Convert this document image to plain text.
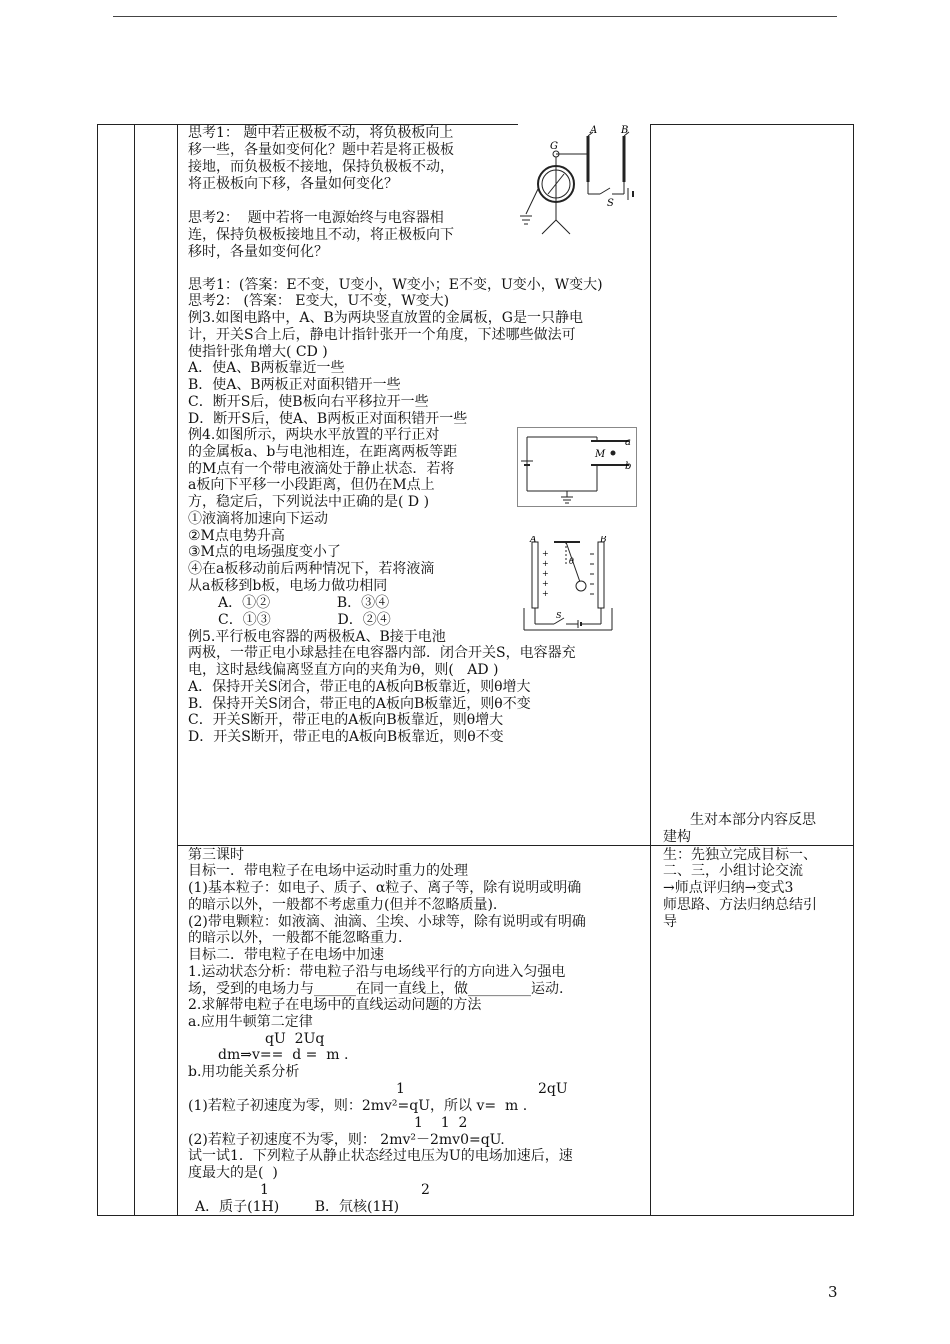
思考1： 题中若正极板不动，将负极板向上
移一些，各量如变何化？题中若是将正极板
接地，而负极板不接地，保持负极板不动，
将正极板向下移，各量如何变化？
思考2：  题中若将一电源始终与电容器相
连，保持负极板接地且不动，将正极板向下
移时，各量如变何化？
思考1：(答案：E不变，U变小，W变小；E不变，U变小，W变大)
思考2： (答案： E变大，U不变，W变大)
例3.如图电路中，A、B为两块竖直放置的金属板，G是一只静电
计，开关S合上后，静电计指针张开一个角度，下述哪些做法可
使指针张角增大( CD )
A．使A、B两板靠近一些
B．使A、B两板正对面积错开一些
C．断开S后，使B板向右平移拉开一些
D．断开S后，使A、B两板正对面积错开一些
例4.如图所示，两块水平放置的平行正对
的金属板a、b与电池相连，在距离两板等距
的M点有一个带电液滴处于静止状态．若将
a板向下平移一小段距离，但仍在M点上
方，稳定后，下列说法中正确的是( D )
①液滴将加速向下运动
②M点电势升高
③M点的电场强度变小了
④在a板移动前后两种情况下，若将液滴
从a板移到b板，电场力做功相同
A．①②               B．③④
C．①③               D．②④
例5.平行板电容器的两极板A、B接于电池
两极，一带正电小球悬挂在电容器内部．闭合开关S，电容器充
电，这时悬线偏离竖直方向的夹角为θ，则(   AD )
A．保持开关S闭合，带正电的A板向B板靠近，则θ增大
B．保持开关S闭合，带正电的A板向B板靠近，则θ不变
C．开关S断开，带正电的A板向B板靠近，则θ增大
D．开关S断开，带正电的A板向B板靠近，则θ不变
第三课时
目标一．带电粒子在电场中运动时重力的处理
(1)基本粒子：如电子、质子、α粒子、离子等，除有说明或明确
的暗示以外，一般都不考虑重力(但并不忽略质量).
(2)带电颗粒：如液滴、油滴、尘埃、小球等，除有说明或有明确
的暗示以外，一般都不能忽略重力.
目标二．带电粒子在电场中加速
1.运动状态分析：带电粒子沿与电场线平行的方向进入匀强电
场，受到的电场力与______在同一直线上，做_________运动.
2.求解带电粒子在电场中的直线运动问题的方法
a.应用牛顿第二定律
qU  2Uq
dm⇒v==  d =  m .
b.用功能关系分析
1	2qU
(1)若粒子初速度为零，则：2mv²=qU，所以 v=  m .
1    1  2
(2)若粒子初速度不为零，则： 2mv²－2mv0=qU.
试一试1．下列粒子从静止状态经过电压为U的电场加速后，速
度最大的是(  )
1	2
A．质子(1H)        B．氘核(1H)
生对本部分内容反思
建构
生：先独立完成目标一、
二、三，小组讨论交流
→师点评归纳→变式3
师思路、方法归纳总结引
导
A B
G
S
a
b
M
A	B
+
+
+
+
+
θ
S
3
